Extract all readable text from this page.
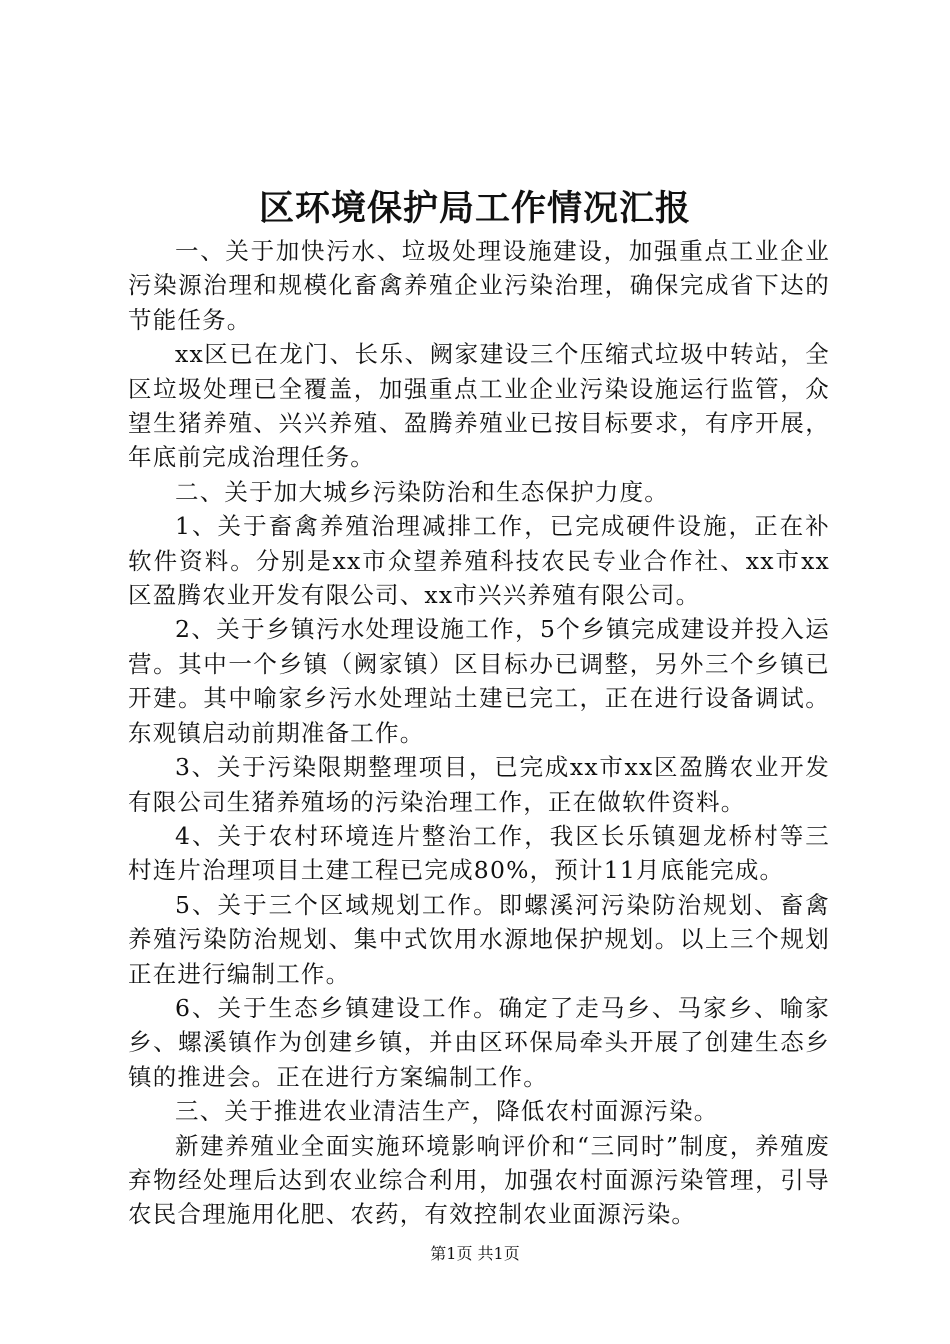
区环境保护局工作情况汇报

一、关于加快污水、垃圾处理设施建设，加强重点工业企业污染源治理和规模化畜禽养殖企业污染治理，确保完成省下达的节能任务。

xx区已在龙门、长乐、阙家建设三个压缩式垃圾中转站，全区垃圾处理已全覆盖，加强重点工业企业污染设施运行监管，众望生猪养殖、兴兴养殖、盈腾养殖业已按目标要求，有序开展，年底前完成治理任务。

二、关于加大城乡污染防治和生态保护力度。

1、关于畜禽养殖治理减排工作，已完成硬件设施，正在补软件资料。分别是xx市众望养殖科技农民专业合作社、xx市xx区盈腾农业开发有限公司、xx市兴兴养殖有限公司。

2、关于乡镇污水处理设施工作，5个乡镇完成建设并投入运营。其中一个乡镇（阙家镇）区目标办已调整，另外三个乡镇已开建。其中喻家乡污水处理站土建已完工，正在进行设备调试。东观镇启动前期准备工作。

3、关于污染限期整理项目，已完成xx市xx区盈腾农业开发有限公司生猪养殖场的污染治理工作，正在做软件资料。

4、关于农村环境连片整治工作，我区长乐镇廻龙桥村等三村连片治理项目土建工程已完成80%，预计11月底能完成。

5、关于三个区域规划工作。即螺溪河污染防治规划、畜禽养殖污染防治规划、集中式饮用水源地保护规划。以上三个规划正在进行编制工作。

6、关于生态乡镇建设工作。确定了走马乡、马家乡、喻家乡、螺溪镇作为创建乡镇，并由区环保局牵头开展了创建生态乡镇的推进会。正在进行方案编制工作。

三、关于推进农业清洁生产，降低农村面源污染。

新建养殖业全面实施环境影响评价和“三同时”制度，养殖废弃物经处理后达到农业综合利用，加强农村面源污染管理，引导农民合理施用化肥、农药，有效控制农业面源污染。

第1页 共1页
